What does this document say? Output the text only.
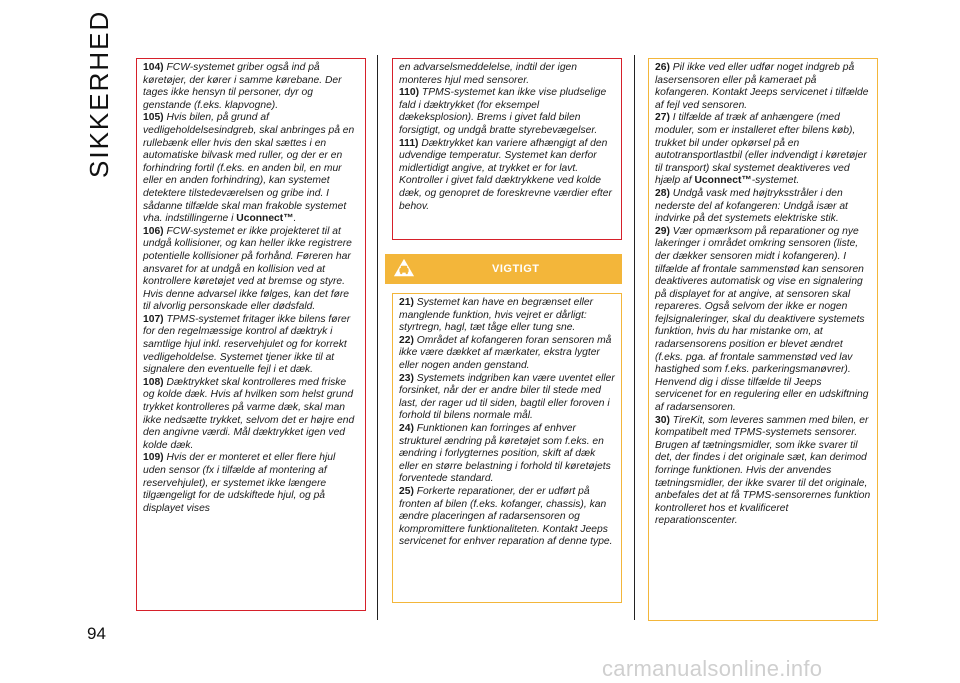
SIKKERHED
94
104) FCW-systemet griber også ind på køretøjer, der kører i samme kørebane. Der tages ikke hensyn til personer, dyr og genstande (f.eks. klapvogne).
105) Hvis bilen, på grund af vedligeholdelsesindgreb, skal anbringes på en rullebænk eller hvis den skal sættes i en automatiske bilvask med ruller, og der er en forhindring fortil (f.eks. en anden bil, en mur eller en anden forhindring), kan systemet detektere tilstedeværelsen og gribe ind. I sådanne tilfælde skal man frakoble systemet vha. indstillingerne i Uconnect™.
106) FCW-systemet er ikke projekteret til at undgå kollisioner, og kan heller ikke registrere potentielle kollisioner på forhånd. Føreren har ansvaret for at undgå en kollision ved at kontrollere køretøjet ved at bremse og styre. Hvis denne advarsel ikke følges, kan det føre til alvorlig personskade eller dødsfald.
107) TPMS-systemet fritager ikke bilens fører for den regelmæssige kontrol af dæktryk i samtlige hjul inkl. reservehjulet og for korrekt vedligeholdelse. Systemet tjener ikke til at signalere den eventuelle fejl i et dæk.
108) Dæktrykket skal kontrolleres med friske og kolde dæk. Hvis af hvilken som helst grund trykket kontrolleres på varme dæk, skal man ikke nedsætte trykket, selvom det er højre end den angivne værdi. Mål dæktrykket igen ved kolde dæk.
109) Hvis der er monteret et eller flere hjul uden sensor (fx i tilfælde af montering af reservehjulet), er systemet ikke længere tilgængeligt for de udskiftede hjul, og på displayet vises
en advarselsmeddelelse, indtil der igen monteres hjul med sensorer.
110) TPMS-systemet kan ikke vise pludselige fald i dæktrykket (for eksempel dækeksplosion). Brems i givet fald bilen forsigtigt, og undgå bratte styrebevægelser.
111) Dæktrykket kan variere afhængigt af den udvendige temperatur. Systemet kan derfor midlertidigt angive, at trykket er for lavt. Kontroller i givet fald dæktrykkene ved kolde dæk, og genopret de foreskrevne værdier efter behov.
VIGTIGT
21) Systemet kan have en begrænset eller manglende funktion, hvis vejret er dårligt: styrtregn, hagl, tæt tåge eller tung sne.
22) Området af kofangeren foran sensoren må ikke være dækket af mærkater, ekstra lygter eller nogen anden genstand.
23) Systemets indgriben kan være uventet eller forsinket, når der er andre biler til stede med last, der rager ud til siden, bagtil eller foroven i forhold til bilens normale mål.
24) Funktionen kan forringes af enhver strukturel ændring på køretøjet som f.eks. en ændring i forlygternes position, skift af dæk eller en større belastning i forhold til køretøjets forventede standard.
25) Forkerte reparationer, der er udført på fronten af bilen (f.eks. kofanger, chassis), kan ændre placeringen af radarsensoren og kompromittere funktionaliteten. Kontakt Jeeps servicenet for enhver reparation af denne type.
26) Pil ikke ved eller udfør noget indgreb på lasersensoren eller på kameraet på kofangeren. Kontakt Jeeps servicenet i tilfælde af fejl ved sensoren.
27) I tilfælde af træk af anhængere (med moduler, som er installeret efter bilens køb), trukket bil under opkørsel på en autotransportlastbil (eller indvendigt i køretøjer til transport) skal systemet deaktiveres ved hjælp af Uconnect™-systemet.
28) Undgå vask med højtryksstråler i den nederste del af kofangeren: Undgå især at indvirke på det systemets elektriske stik.
29) Vær opmærksom på reparationer og nye lakeringer i området omkring sensoren (liste, der dækker sensoren midt i kofangeren). I tilfælde af frontale sammenstød kan sensoren deaktiveres automatisk og vise en signalering på displayet for at angive, at sensoren skal repareres. Også selvom der ikke er nogen fejlsignaleringer, skal du deaktivere systemets funktion, hvis du har mistanke om, at radarsensorens position er blevet ændret (f.eks. pga. af frontale sammenstød ved lav hastighed som f.eks. parkeringsmanøvrer). Henvend dig i disse tilfælde til Jeeps servicenet for en regulering eller en udskiftning af radarsensoren.
30) TireKit, som leveres sammen med bilen, er kompatibelt med TPMS-systemets sensorer. Brugen af tætningsmidler, som ikke svarer til det, der findes i det originale sæt, kan derimod forringe funktionen. Hvis der anvendes tætningsmidler, der ikke svarer til det originale, anbefales det at få TPMS-sensorernes funktion kontrolleret hos et kvalificeret reparationscenter.
carmanualsonline.info
